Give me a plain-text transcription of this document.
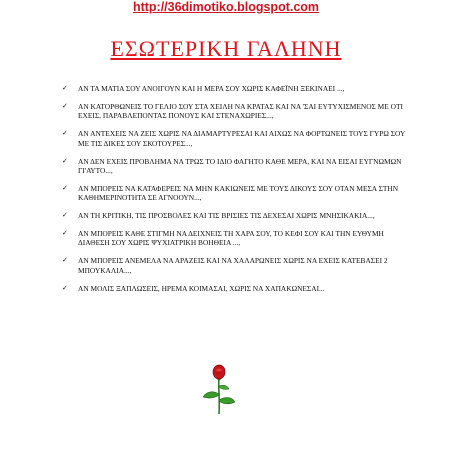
http://36dimotiko.blogspot.com
ΕΣΩΤΕΡΙΚΗ ΓΑΛΗΝΗ
✓ ΑΝ ΤΑ ΜΑΤΙΑ ΣΟΥ ΑΝΟΙΓΟΥΝ ΚΑΙ Η ΜΕΡΑ ΣΟΥ ΧΩΡΙΣ ΚΑΦΕΪΝΗ ΞΕΚΙΝΑΕΙ ...,
✓ ΑΝ ΚΑΤΟΡΘΩΝΕΙΣ ΤΟ ΓΕΛΙΟ ΣΟΥ ΣΤΑ ΧΕΙΛΗ ΝΑ ΚΡΑΤΑΣ ΚΑΙ ΝΑ 'ΣΑΙ ΕΥΤΥΧΙΣΜΕΝΟΣ ΜΕ ΟΤΙ ΕΧΕΙΣ, ΠΑΡΑΒΛΕΠΟΝΤΑΣ ΠΟΝΟΥΣ ΚΑΙ ΣΤΕΝΑΧΩΡΙΕΣ...,
✓ ΑΝ ΑΝΤΕΧΕΙΣ ΝΑ ΖΕΙΣ ΧΩΡΙΣ ΝΑ ΔΙΑΜΑΡΤΥΡΕΣΑΙ ΚΑΙ ΑΙΧΩΣ ΝΑ ΦΟΡΤΩΝΕΙΣ ΤΟΥΣ ΓΥΡΩ ΣΟΥ ΜΕ ΤΙΣ ΔΙΚΕΣ ΣΟΥ ΣΚΟΤΟΥΡΕΣ...,
✓ ΑΝ ΔΕΝ ΕΧΕΙΣ ΠΡΟΒΛΗΜΑ ΝΑ ΤΡΩΣ ΤΟ ΙΔΙΟ ΦΑΓΗΤΟ ΚΑΘΕ ΜΕΡΑ, ΚΑΙ ΝΑ ΕΙΣΑΙ ΕΥΓΝΩΜΩΝ ΓΙ'ΑΥΤΟ...,
✓ ΑΝ ΜΠΟΡΕΙΣ ΝΑ ΚΑΤΑΦΕΡΕΙΣ ΝΑ ΜΗΝ ΚΑΚΙΩΝΕΙΣ ΜΕ ΤΟΥΣ ΔΙΚΟΥΣ ΣΟΥ ΟΤΑΝ ΜΕΣΑ ΣΤΗΝ ΚΑΘΗΜΕΡΙΝΟΤΗΤΑ ΣΕ ΑΓΝΟΟΥΝ...,
✓ ΑΝ ΤΗ ΚΡΙΤΙΚΗ, ΤΙΣ ΠΡΟΣΒΟΛΕΣ ΚΑΙ ΤΙΣ ΒΡΙΣΙΕΣ ΤΙΣ ΔΕΧΕΣΑΙ ΧΩΡΙΣ ΜΝΗΣΙΚΑΚΙΑ...,
✓ ΑΝ ΜΠΟΡΕΙΣ ΚΑΘΕ ΣΤΙΓΜΗ ΝΑ ΔΕΙΧΝΕΙΣ ΤΗ ΧΑΡΑ ΣΟΥ, ΤΟ ΚΕΦΙ ΣΟΥ ΚΑΙ ΤΗΝ ΕΥΘΥΜΗ ΔΙΑΘΕΣΗ ΣΟΥ ΧΩΡΙΣ ΨΥΧΙΑΤΡΙΚΗ ΒΟΗΘΕΙΑ ...,
✓ ΑΝ ΜΠΟΡΕΙΣ ΑΝΕΜΕΛΑ ΝΑ ΑΡΑΖΕΙΣ ΚΑΙ ΝΑ ΧΑΛΑΡΩΝΕΙΣ ΧΩΡΙΣ ΝΑ ΕΧΕΙΣ ΚΑΤΕΒΑΣΕΙ 2 ΜΠΟΥΚΑΛΙΑ...,
✓ ΑΝ ΜΟΛΙΣ ΞΑΠΛΩΣΕΙΣ, ΗΡΕΜΑ ΚΟΙΜΑΣΑΙ, ΧΩΡΙΣ ΝΑ ΧΑΠΑΚΩΝΕΣΑΙ...
